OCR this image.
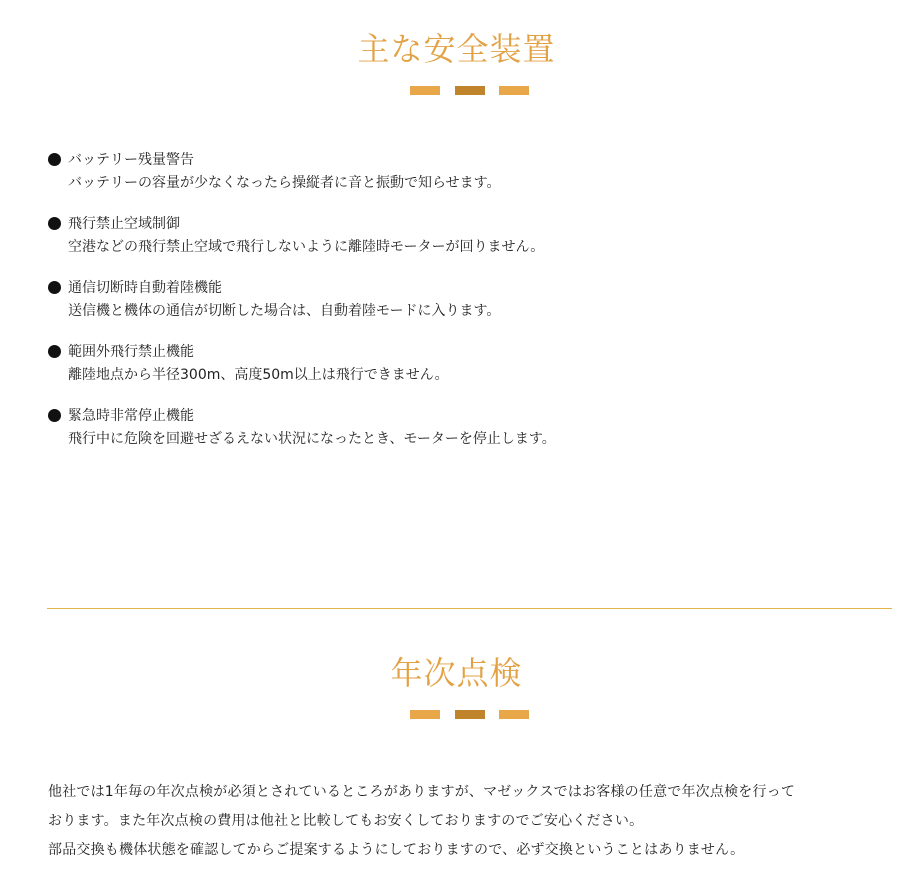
主な安全装置
バッテリー残量警告
バッテリーの容量が少なくなったら操縦者に音と振動で知らせます。
飛行禁止空域制御
空港などの飛行禁止空域で飛行しないように離陸時モーターが回りません。
通信切断時自動着陸機能
送信機と機体の通信が切断した場合は、自動着陸モードに入ります。
範囲外飛行禁止機能
離陸地点から半径300m、高度50m以上は飛行できません。
緊急時非常停止機能
飛行中に危険を回避せざるえない状況になったとき、モーターを停止します。
年次点検

他社では1年毎の年次点検が必須とされているところがありますが、マゼックスではお客様の任意で年次点検を行って

おります。また年次点検の費用は他社と比較してもお安くしておりますのでご安心ください。

部品交換も機体状態を確認してからご提案するようにしておりますので、必ず交換ということはありません。
